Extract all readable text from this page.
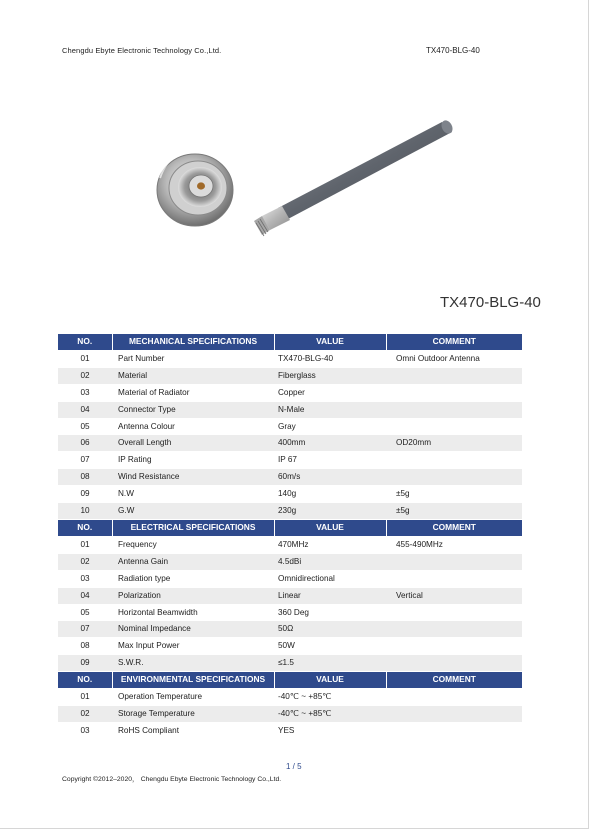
Chengdu Ebyte Electronic Technology Co.,Ltd.	TX470-BLG-40
TX470-BLG-40
NO.	MECHANICAL SPECIFICATIONS	VALUE	COMMENT
01	Part Number	TX470-BLG-40	Omni Outdoor Antenna
02	Material	Fiberglass	
03	Material of Radiator	Copper	
04	Connector Type	N-Male	
05	Antenna Colour	Gray	
06	Overall Length	400mm	OD20mm
07	IP Rating	IP 67	
08	Wind Resistance	60m/s	
09	N.W	140g	±5g
10	G.W	230g	±5g
NO.	ELECTRICAL SPECIFICATIONS	VALUE	COMMENT
01	Frequency	470MHz	455-490MHz
02	Antenna Gain	4.5dBi	
03	Radiation type	Omnidirectional	
04	Polarization	Linear	Vertical
05	Horizontal Beamwidth	360 Deg	
07	Nominal Impedance	50Ω	
08	Max Input Power	50W	
09	S.W.R.	≤1.5	
NO.	ENVIRONMENTAL SPECIFICATIONS	VALUE	COMMENT
01	Operation Temperature	-40℃ ~ +85℃	
02	Storage Temperature	-40℃ ~ +85℃	
03	RoHS Compliant	YES	
1 / 5
Copyright ©2012–2020， Chengdu Ebyte Electronic Technology Co.,Ltd.
